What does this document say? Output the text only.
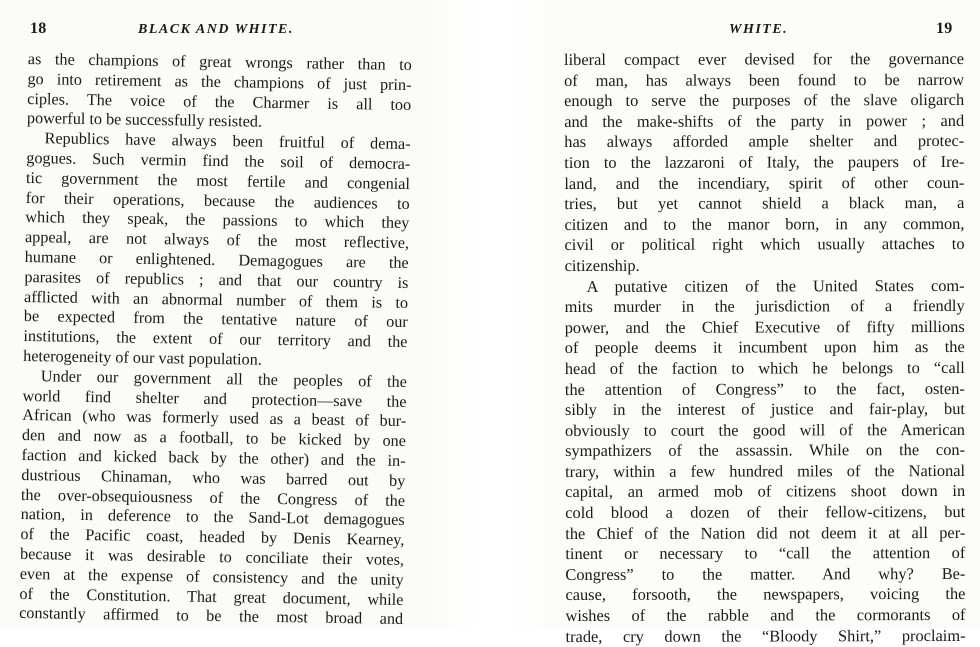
18	BLACK AND WHITE.
as the champions of great wrongs rather than to
go into retirement as the champions of just prin-
ciples. The voice of the Charmer is all too
powerful to be successfully resisted.
Republics have always been fruitful of dema-
gogues. Such vermin find the soil of democra-
tic government the most fertile and congenial
for their operations, because the audiences to
which they speak, the passions to which they
appeal, are not always of the most reflective,
humane or enlightened. Demagogues are the
parasites of republics ; and that our country is
afflicted with an abnormal number of them is to
be expected from the tentative nature of our
institutions, the extent of our territory and the
heterogeneity of our vast population.
Under our government all the peoples of the
world find shelter and protection—save the
African (who was formerly used as a beast of bur-
den and now as a football, to be kicked by one
faction and kicked back by the other) and the in-
dustrious Chinaman, who was barred out by
the over-obsequiousness of the Congress of the
nation, in deference to the Sand-Lot demagogues
of the Pacific coast, headed by Denis Kearney,
because it was desirable to conciliate their votes,
even at the expense of consistency and the unity
of the Constitution. That great document, while
constantly affirmed to be the most broad and
WHITE.	19
liberal compact ever devised for the governance
of man, has always been found to be narrow
enough to serve the purposes of the slave oligarch
and the make-shifts of the party in power ; and
has always afforded ample shelter and protec-
tion to the lazzaroni of Italy, the paupers of Ire-
land, and the incendiary, spirit of other coun-
tries, but yet cannot shield a black man, a
citizen and to the manor born, in any common,
civil or political right which usually attaches to
citizenship.
A putative citizen of the United States com-
mits murder in the jurisdiction of a friendly
power, and the Chief Executive of fifty millions
of people deems it incumbent upon him as the
head of the faction to which he belongs to “call
the attention of Congress” to the fact, osten-
sibly in the interest of justice and fair-play, but
obviously to court the good will of the American
sympathizers of the assassin. While on the con-
trary, within a few hundred miles of the National
capital, an armed mob of citizens shoot down in
cold blood a dozen of their fellow-citizens, but
the Chief of the Nation did not deem it at all per-
tinent or necessary to “call the attention of
Congress” to the matter. And why? Be-
cause, forsooth, the newspapers, voicing the
wishes of the rabble and the cormorants of
trade, cry down the “Bloody Shirt,” proclaim-
